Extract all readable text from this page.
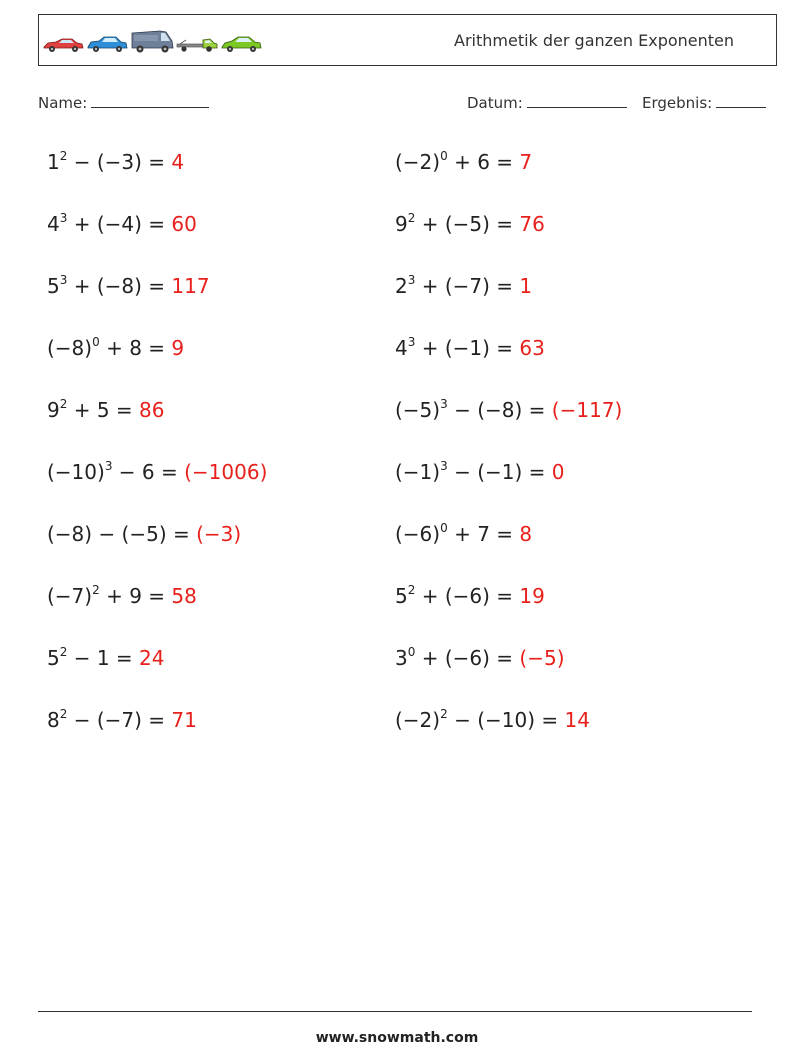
Arithmetik der ganzen Exponenten
Name:	Datum:	Ergebnis:
$1^2 - (-3) = 4$	$(-2)^0 + 6 = 7$
$4^3 + (-4) = 60$	$9^2 + (-5) = 76$
$5^3 + (-8) = 117$	$2^3 + (-7) = 1$
$(-8)^0 + 8 = 9$	$4^3 + (-1) = 63$
$9^2 + 5 = 86$	$(-5)^3 - (-8) = (-117)$
$(-10)^3 - 6 = (-1006)$	$(-1)^3 - (-1) = 0$
(−8) − (−5) = (−3)	$(-6)^0 + 7 = 8$
$(-7)^2 + 9 = 58$	$5^2 + (-6) = 19$
$5^2 - 1 = 24$	$3^0 + (-6) = (-5)$
$8^2 - (-7) = 71$	$(-2)^2 - (-10) = 14$
www.snowmath.com
